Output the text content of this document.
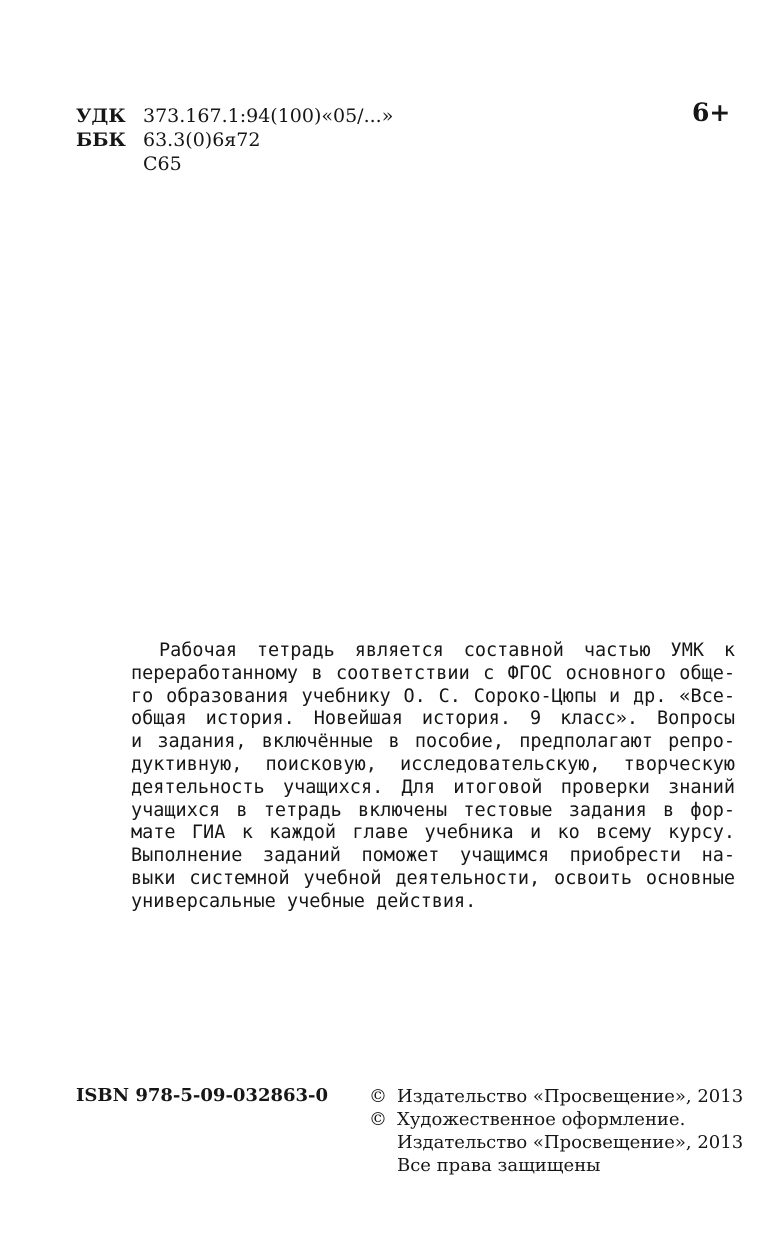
УДК 373.167.1:94(100)«05/...»
ББК 63.3(0)6я72
С65
6+
Рабочая тетрадь является составной частью УМК к
переработанному в соответствии с ФГОС основного обще-
го образования учебнику О. С. Сороко-Цюпы и др. «Все-
общая история. Новейшая история. 9 класс». Вопросы
и задания, включённые в пособие, предполагают репро-
дуктивную, поисковую, исследовательскую, творческую
деятельность учащихся. Для итоговой проверки знаний
учащихся в тетрадь включены тестовые задания в фор-
мате ГИА к каждой главе учебника и ко всему курсу.
Выполнение заданий поможет учащимся приобрести на-
выки системной учебной деятельности, освоить основные
универсальные учебные действия.
ISBN 978-5-09-032863-0 © Издательство «Просвещение», 2013
© Художественное оформление.
Издательство «Просвещение», 2013
Все права защищены
